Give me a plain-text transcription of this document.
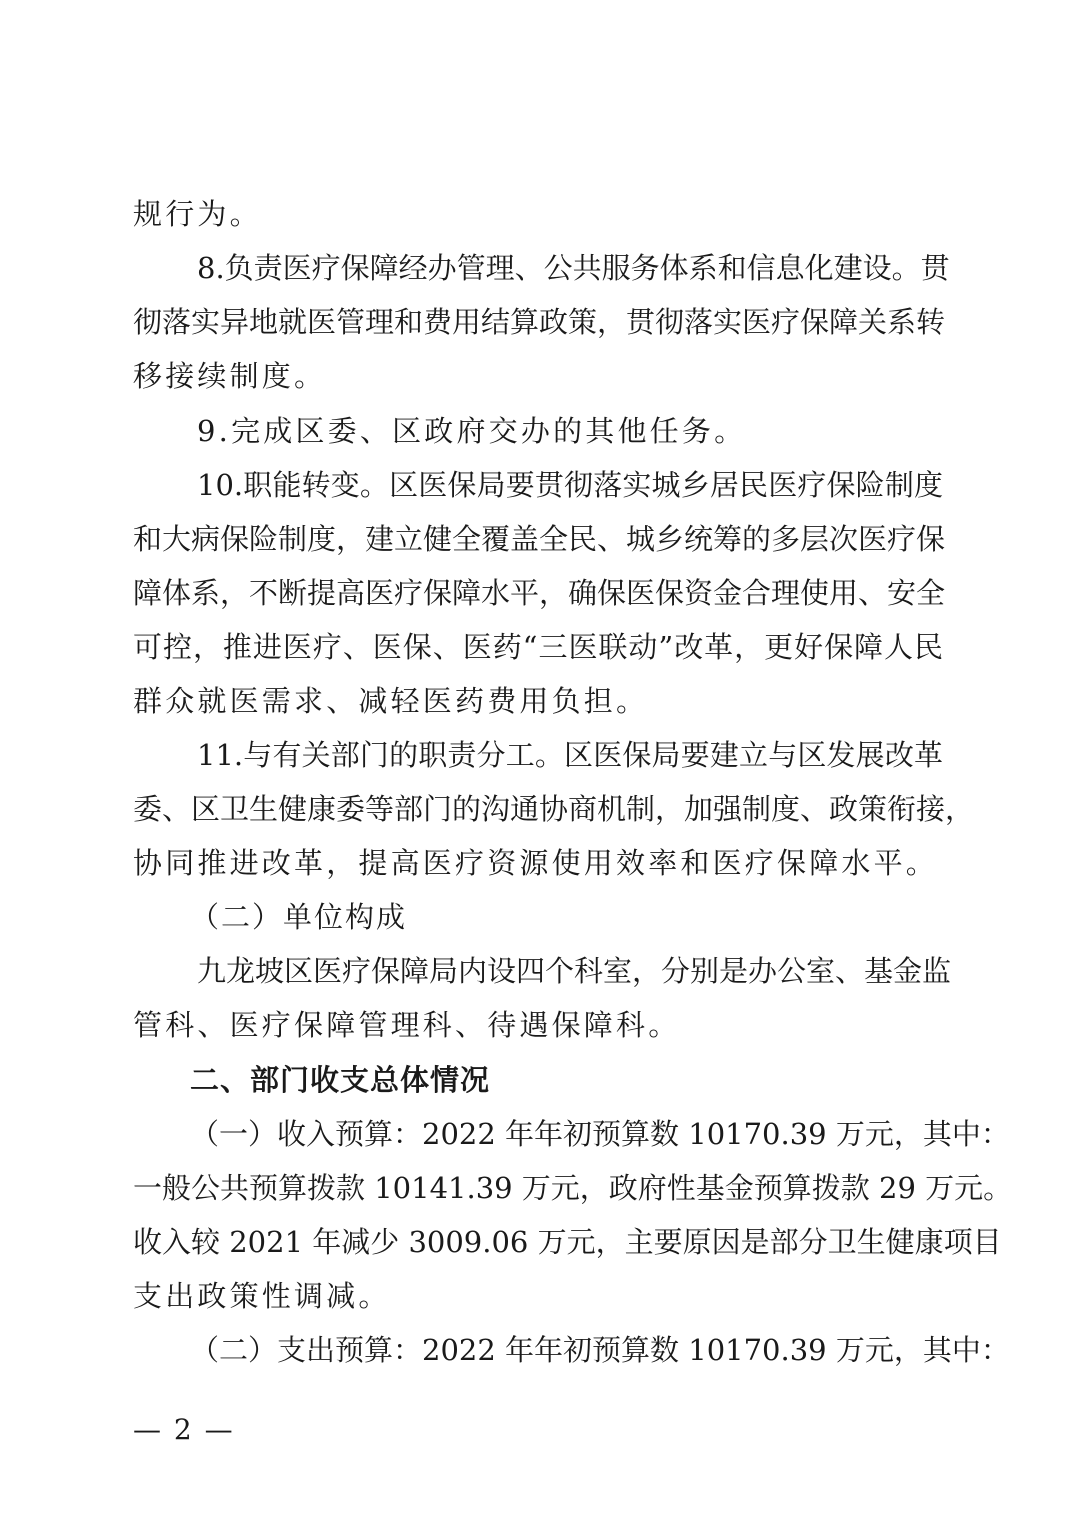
规行为。
8.负责医疗保障经办管理、公共服务体系和信息化建设。贯
彻落实异地就医管理和费用结算政策，贯彻落实医疗保障关系转
移接续制度。
9.完成区委、区政府交办的其他任务。
10.职能转变。区医保局要贯彻落实城乡居民医疗保险制度
和大病保险制度，建立健全覆盖全民、城乡统筹的多层次医疗保
障体系，不断提高医疗保障水平，确保医保资金合理使用、安全
可控，推进医疗、医保、医药“三医联动”改革，更好保障人民
群众就医需求、减轻医药费用负担。
11.与有关部门的职责分工。区医保局要建立与区发展改革
委、区卫生健康委等部门的沟通协商机制，加强制度、政策衔接，
协同推进改革，提高医疗资源使用效率和医疗保障水平。
（二）单位构成
九龙坡区医疗保障局内设四个科室，分别是办公室、基金监
管科、医疗保障管理科、待遇保障科。
二、部门收支总体情况
（一）收入预算：2022 年年初预算数 10170.39 万元，其中：
一般公共预算拨款 10141.39 万元，政府性基金预算拨款 29 万元。
收入较 2021 年减少 3009.06 万元，主要原因是部分卫生健康项目
支出政策性调减。
（二）支出预算：2022 年年初预算数 10170.39 万元，其中：
— 2 —
